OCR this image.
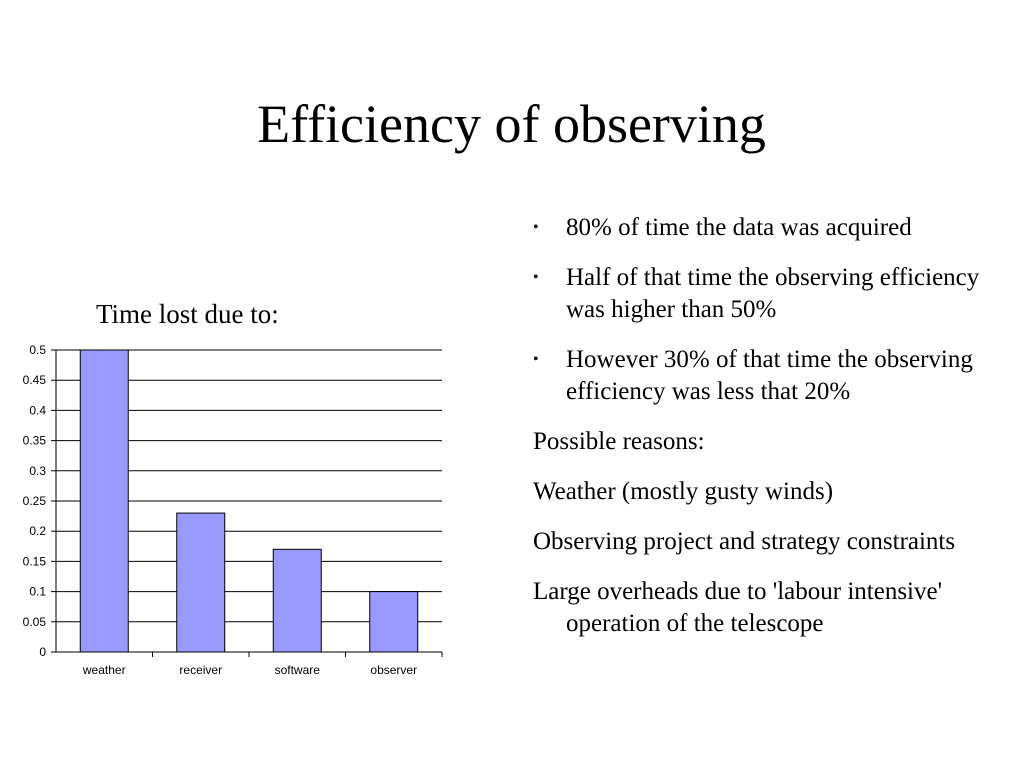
Efficiency of observing
Time lost due to:
0
0.05
0.1
0.15
0.2
0.25
0.3
0.35
0.4
0.45
0.5
weather	receiver	software	observer
• 80% of time the data was acquired
• Half of that time the observing efficiency was higher than 50%
• However 30% of that time the observing efficiency was less that 20%
Possible reasons:
Weather (mostly gusty winds)
Observing project and strategy constraints
Large overheads due to 'labour intensive' operation of the telescope
